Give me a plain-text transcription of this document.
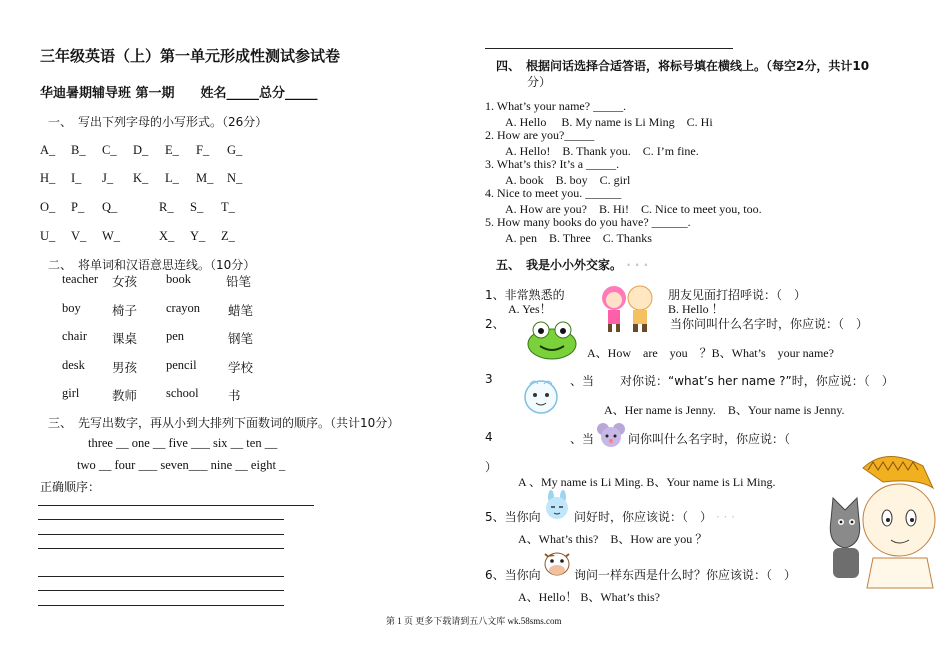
三年级英语（上）第一单元形成性测试参试卷
华迪暑期辅导班 第一期　　姓名_____总分_____
一、　写出下列字母的小写形式。（26分）
A_ B_ C_ D_ E_ F_ G_
H_ I_ J_ K_ L_ M_ N_
O_ P_ Q_	R_ S_ T_
U_ V_ W_	X_ Y_ Z_
二、　将单词和汉语意思连线。（10分）
teacher 女孩 book	铅笔
boy	椅子 crayon 蜡笔
chair 课桌 pen	钢笔
desk 男孩 pencil	学校
girl	教师 school 书
三、　先写出数字，再从小到大排列下面数词的顺序。（共计10分）
three __ one __ five ___ six __ ten __
two __ four ___ seven___ nine __ eight _
正确顺序：
四、　根据问话选择合适答语，将标号填在横线上。（每空2分，共计10
分）
1. What’s your name? _____.
A. Hello　 B. My name is Li Ming　C. Hi
2. How are you?_____
A. Hello!　B. Thank you.　C. I’m fine.
3. What’s this? It’s a _____.
A. book　B. boy　C. girl
4. Nice to meet you. ______
A. How are you?　B. Hi!　C. Nice to meet you, too.
5. How many books do you have? ______.
A. pen　B. Three　C. Thanks
五、　我是小小外交家。 · · ·
1、非常熟悉的	朋友见面打招呼说：（　）
A. Yes！	B. Hello ！
2、	当你问叫什么名字时，你应说：（　）
A、How　are　you　？B、What’s　your name?
3	、当 对你说：“what’s her name ?”时，你应说：（　）
A、Her name is Jenny.　B、Your name is Jenny.
4	、当	问你叫什么名字时，你应说：（
）
A 、My name is Li Ming. B、Your name is Li Ming.
5、当你向	问好时，你应该说：（　） · · ·
A、What’s this?　B、How are you ？
6、当你向	询问一样东西是什么时？你应该说：（　）
A、Hello！ B、What’s this?
第 1 页 更多下载请到五八文库 wk.58sms.com
